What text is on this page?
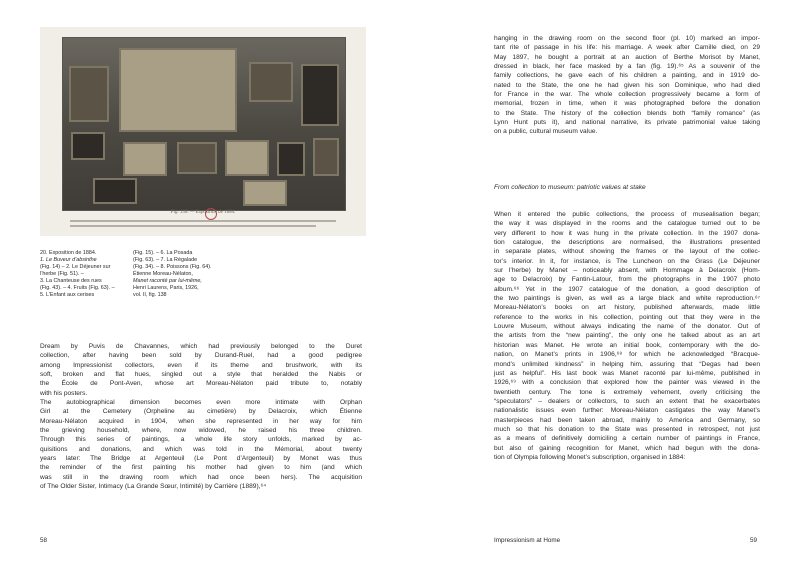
Fig. 138. — Exposition de 1884.
20. Exposition de 1884.
1. Le Buveur d’absinthe
(Fig. 14) – 2. Le Déjeuner sur
l’herbe (Fig. 51). –
3. La Chanteuse des rues
(Fig. 43). – 4. Fruits (Fig. 63). –
5. L’Enfant aux cerises
(Fig. 15). – 6. La Posada
(Fig. 63). – 7. La Régalade
(Fig. 34). – 8. Poissons (Fig. 64).
Étienne Moreau-Nélaton,
Manet raconté par lui-même,
Henri Laurens, Paris, 1926,
vol. II, fig. 138
Dream by Puvis de Chavannes, which had previously belonged to the Duret
collection, after having been sold by Durand-Ruel, had a good pedigree
among Impressionist collectors, even if its theme and brushwork, with its
soft, broken and flat hues, singled out a style that heralded the Nabis or
the École de Pont-Aven, whose art Moreau-Nélaton paid tribute to, notably
with his posters.
The autobiographical dimension becomes even more intimate with Orphan
Girl at the Cemetery (Orpheline au cimetière) by Delacroix, which Étienne
Moreau-Nélaton acquired in 1904, when she represented in her way for him
the grieving household, where, now widowed, he raised his three children.
Through this series of paintings, a whole life story unfolds, marked by ac-
quisitions and donations, and which was told in the Mémorial, about twenty
years later: The Bridge at Argenteuil (Le Pont d’Argenteuil) by Monet was thus
the reminder of the first painting his mother had given to him (and which
was still in the drawing room which had once been hers). The acquisition
of The Older Sister, Intimacy (La Grande Sœur, Intimité) by Carrière (1889),⁶⁴
58
hanging in the drawing room on the second floor (pl. 10) marked an impor-
tant rite of passage in his life: his marriage. A week after Camille died, on 29
May 1897, he bought a portrait at an auction of Berthe Morisot by Manet,
dressed in black, her face masked by a fan (fig. 19).⁶⁵ As a souvenir of the
family collections, he gave each of his children a painting, and in 1919 do-
nated to the State, the one he had given his son Dominique, who had died
for France in the war. The whole collection progressively became a form of
memorial, frozen in time, when it was photographed before the donation
to the State. The history of the collection blends both “family romance” (as
Lynn Hunt puts it), and national narrative, its private patrimonial value taking
on a public, cultural museum value.
From collection to museum: patriotic values at stake
When it entered the public collections, the process of musealisation began;
the way it was displayed in the rooms and the catalogue turned out to be
very different to how it was hung in the private collection. In the 1907 dona-
tion catalogue, the descriptions are normalised, the illustrations presented
in separate plates, without showing the frames or the layout of the collec-
tor’s interior. In it, for instance, is The Luncheon on the Grass (Le Déjeuner
sur l’herbe) by Manet – noticeably absent, with Hommage à Delacroix (Hom-
age to Delacroix) by Fantin-Latour, from the photographs in the 1907 photo
album.⁶⁶ Yet in the 1907 catalogue of the donation, a good description of
the two paintings is given, as well as a large black and white reproduction.⁶⁷
Moreau-Nélaton’s books on art history, published afterwards, made little
reference to the works in his collection, pointing out that they were in the
Louvre Museum, without always indicating the name of the donator. Out of
the artists from the “new painting”, the only one he talked about as an art
historian was Manet. He wrote an initial book, contemporary with the do-
nation, on Manet’s prints in 1906,⁶⁸ for which he acknowledged “Bracque-
mond’s unlimited kindness” in helping him, assuring that “Degas had been
just as helpful”. His last book was Manet raconté par lui-même, published in
1926,⁶⁹ with a conclusion that explored how the painter was viewed in the
twentieth century. The tone is extremely vehement, overly criticising the
“speculators” – dealers or collectors, to such an extent that he exacerbates
nationalistic issues even further: Moreau-Nélaton castigates the way Manet’s
masterpieces had been taken abroad, mainly to America and Germany, so
much so that his donation to the State was presented in retrospect, not just
as a means of definitively domiciling a certain number of paintings in France,
but also of gaining recognition for Manet, which had begun with the dona-
tion of Olympia following Monet’s subscription, organised in 1884:
Impressionism at Home	59
